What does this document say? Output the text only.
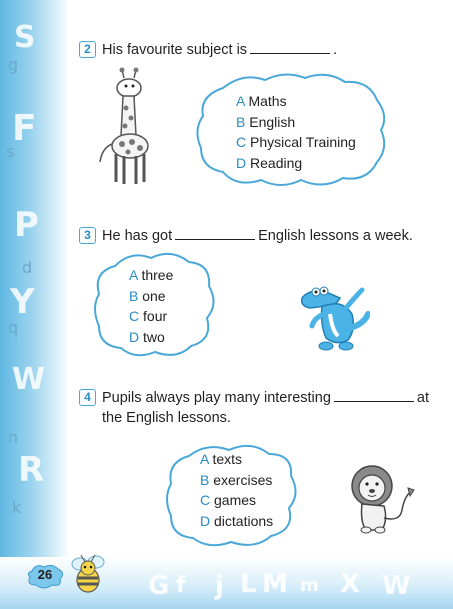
S
g
F
s
P
d
Y
q
W
n
R
k
G f j L M m X W
2 His favourite subject is	.
A Maths
B English
C Physical Training
D Reading
3 He has got	English lessons a week.
A three
B one
C four
D two
4 Pupils always play many interesting	at
the English lessons.
A texts
B exercises
C games
D dictations
26
